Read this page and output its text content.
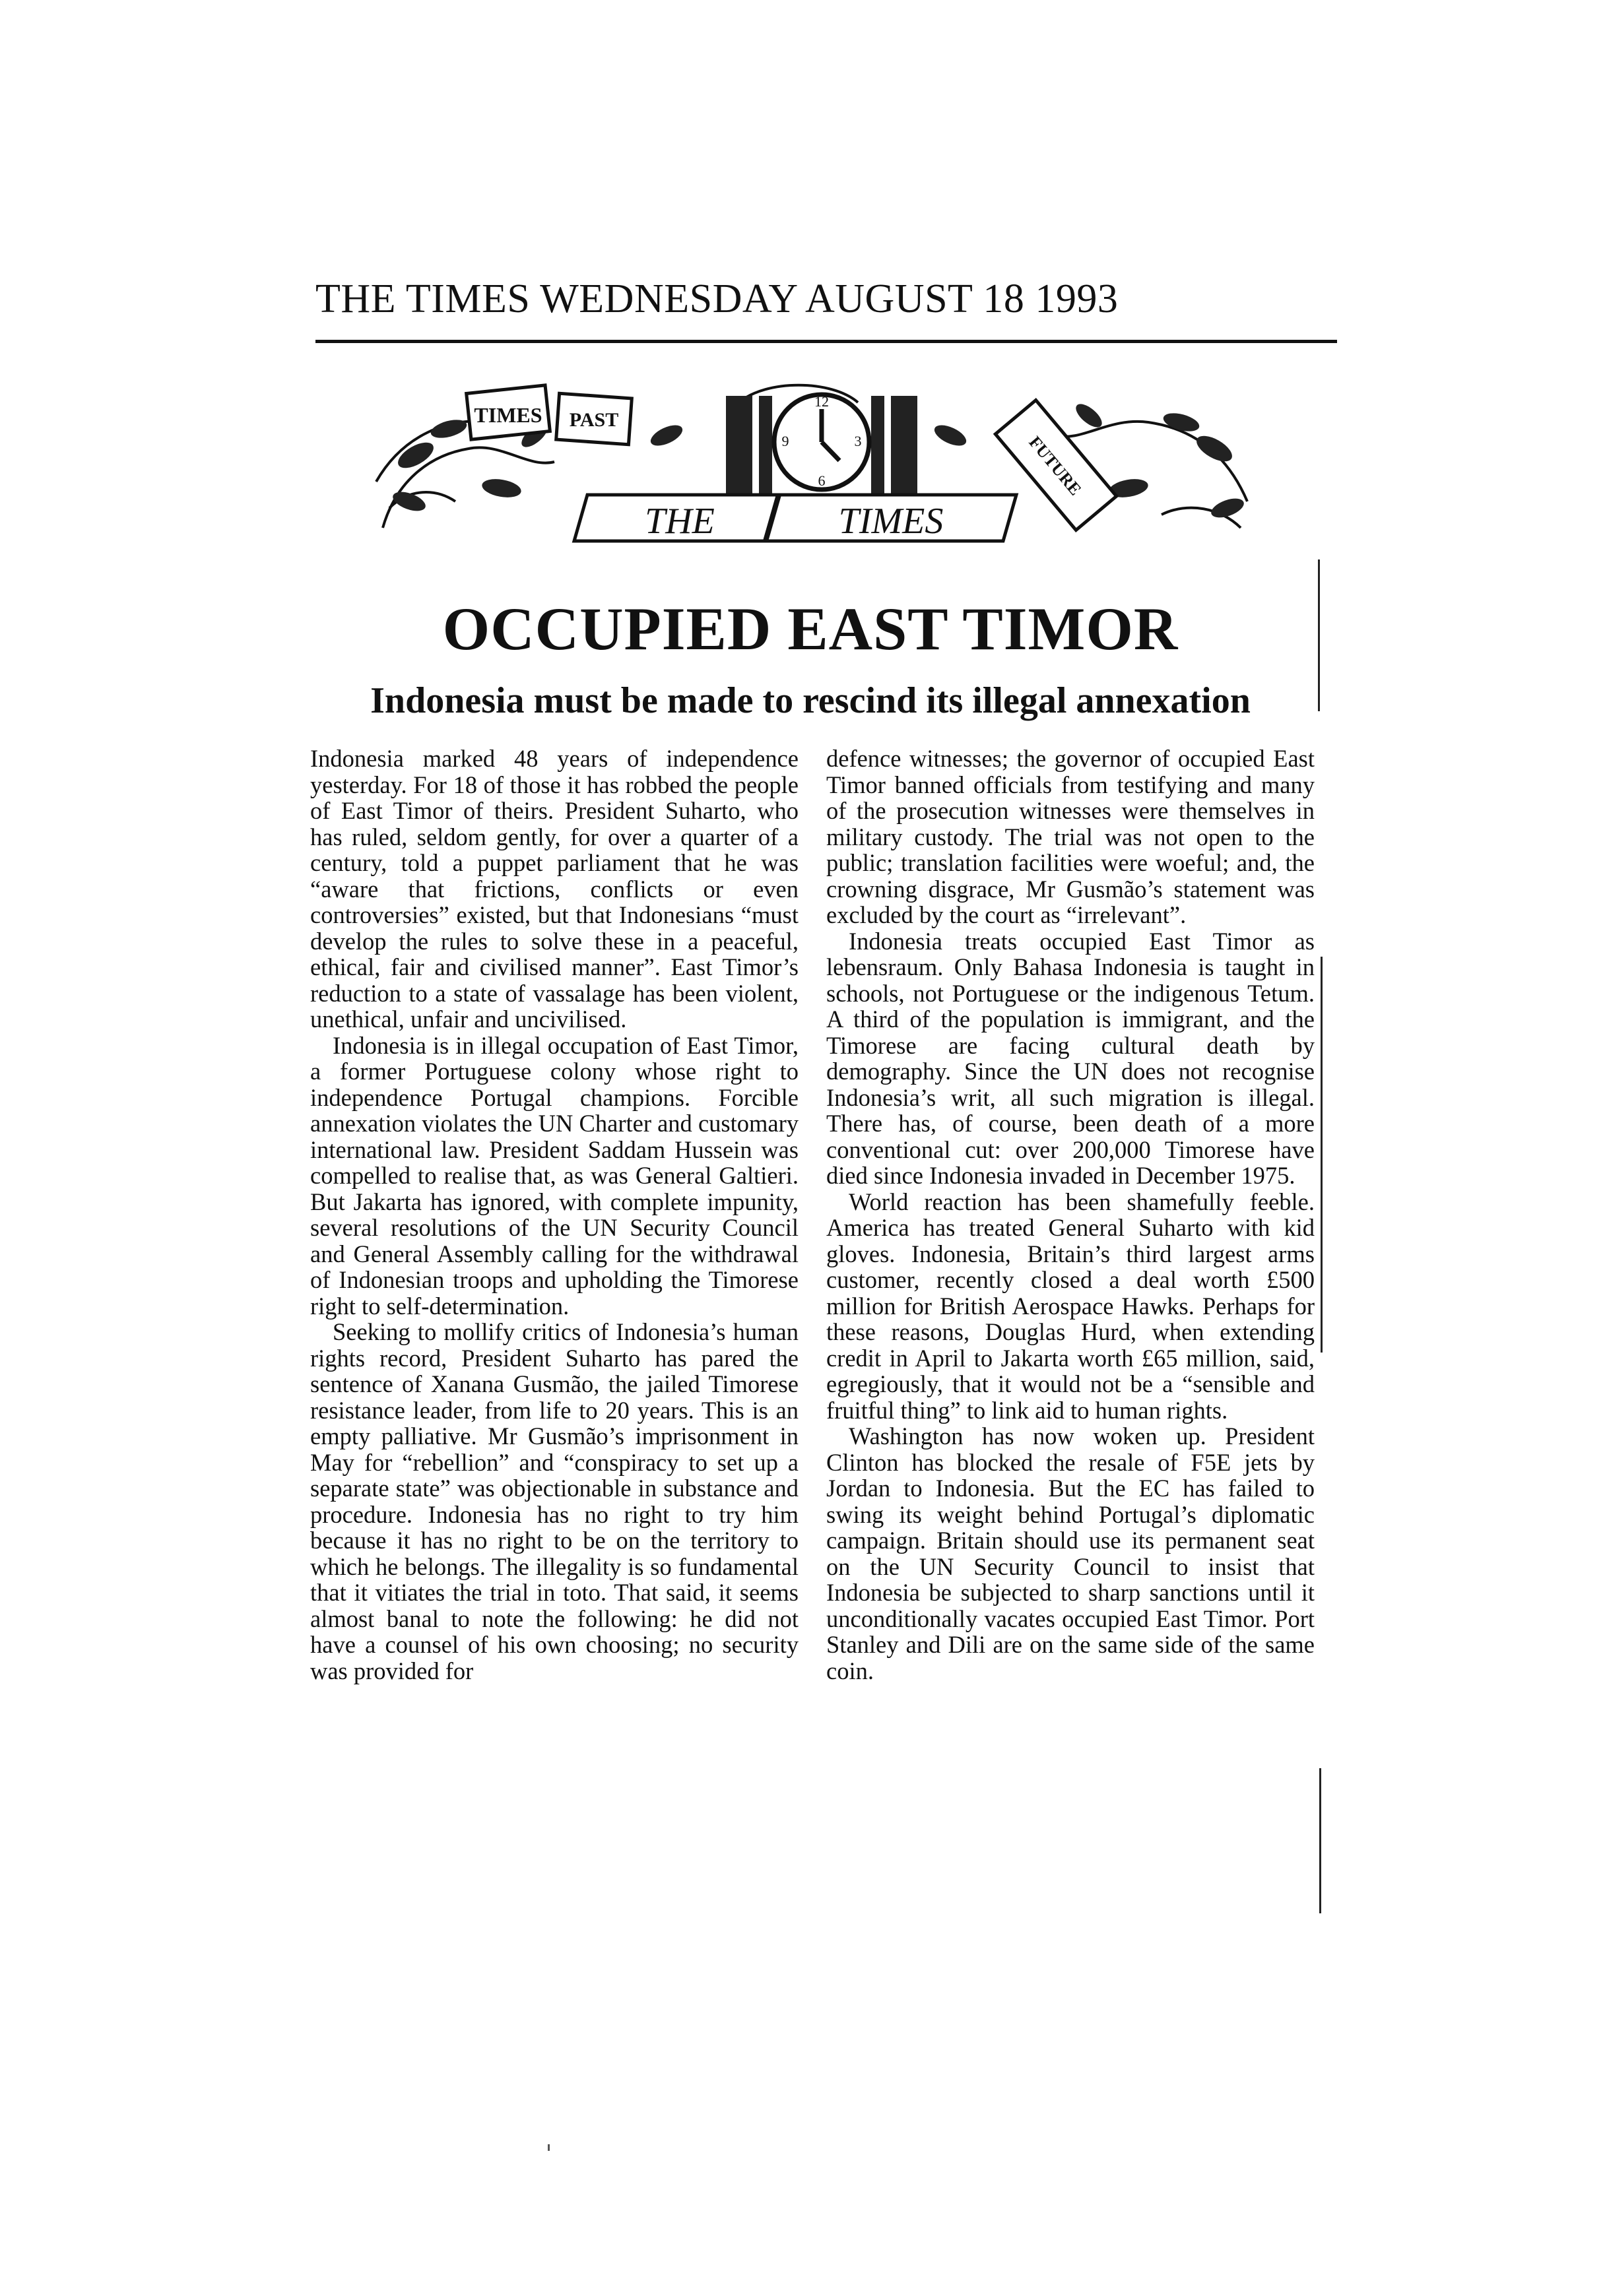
THE TIMES WEDNESDAY AUGUST 18 1993
TIMES PAST
12
3
6
9
THE	TIMES
FUTURE
OCCUPIED EAST TIMOR
Indonesia must be made to rescind its illegal annexation

Indonesia marked 48 years of independence yesterday. For 18 of those it has robbed the people of East Timor of theirs. President Suharto, who has ruled, seldom gently, for over a quarter of a century, told a puppet parliament that he was “aware that frictions, conflicts or even controversies” existed, but that Indonesians “must develop the rules to solve these in a peaceful, ethical, fair and civilised manner”. East Timor’s reduction to a state of vassalage has been violent, unethical, unfair and uncivilised.

Indonesia is in illegal occupation of East Timor, a former Portuguese colony whose right to independence Portugal champions. Forcible annexation violates the UN Charter and customary international law. President Saddam Hussein was compelled to realise that, as was General Galtieri. But Jakarta has ignored, with complete impunity, several resolutions of the UN Security Council and General Assembly calling for the withdrawal of Indonesian troops and upholding the Timorese right to self-determination.

Seeking to mollify critics of Indonesia’s human rights record, President Suharto has pared the sentence of Xanana Gusmão, the jailed Timorese resistance leader, from life to 20 years. This is an empty palliative. Mr Gusmão’s imprisonment in May for “rebellion” and “conspiracy to set up a separate state” was objectionable in substance and procedure. Indonesia has no right to try him because it has no right to be on the territory to which he belongs. The illegality is so fundamental that it vitiates the trial in toto. That said, it seems almost banal to note the following: he did not have a counsel of his own choosing; no security was provided for

defence witnesses; the governor of occupied East Timor banned officials from testifying and many of the prosecution witnesses were themselves in military custody. The trial was not open to the public; translation facilities were woeful; and, the crowning disgrace, Mr Gusmão’s statement was excluded by the court as “irrelevant”.

Indonesia treats occupied East Timor as lebensraum. Only Bahasa Indonesia is taught in schools, not Portuguese or the indigenous Tetum. A third of the population is immigrant, and the Timorese are facing cultural death by demography. Since the UN does not recognise Indonesia’s writ, all such migration is illegal. There has, of course, been death of a more conventional cut: over 200,000 Timorese have died since Indonesia invaded in December 1975.

World reaction has been shamefully feeble. America has treated General Suharto with kid gloves. Indonesia, Britain’s third largest arms customer, recently closed a deal worth £500 million for British Aerospace Hawks. Perhaps for these reasons, Douglas Hurd, when extending credit in April to Jakarta worth £65 million, said, egregiously, that it would not be a “sensible and fruitful thing” to link aid to human rights.

Washington has now woken up. President Clinton has blocked the resale of F5E jets by Jordan to Indonesia. But the EC has failed to swing its weight behind Portugal’s diplomatic campaign. Britain should use its permanent seat on the UN Security Council to insist that Indonesia be subjected to sharp sanctions until it unconditionally vacates occupied East Timor. Port Stanley and Dili are on the same side of the same coin.
